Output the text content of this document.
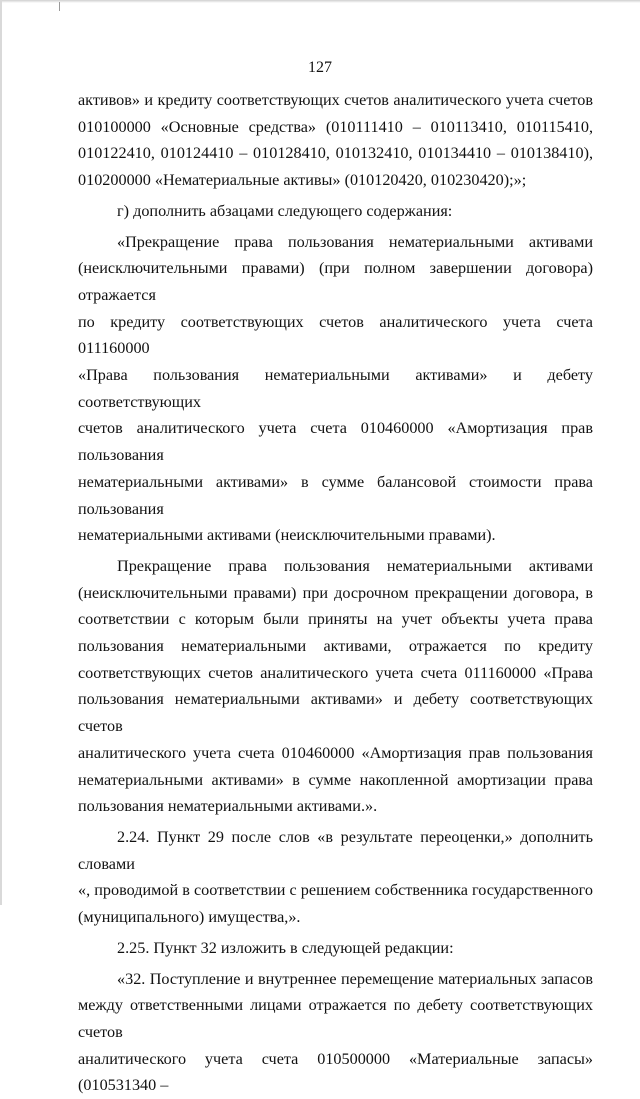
127

активов» и кредиту соответствующих счетов аналитического учета счетов

010100000 «Основные средства» (010111410 – 010113410, 010115410,

010122410, 010124410 – 010128410, 010132410, 010134410 – 010138410),

010200000 «Нематериальные активы» (010120420, 010230420);»;

г) дополнить абзацами следующего содержания:

«Прекращение права пользования нематериальными активами

(неисключительными правами) (при полном завершении договора) отражается

по кредиту соответствующих счетов аналитического учета счета 011160000

«Права пользования нематериальными активами» и дебету соответствующих

счетов аналитического учета счета 010460000 «Амортизация прав пользования

нематериальными активами» в сумме балансовой стоимости права пользования

нематериальными активами (неисключительными правами).

Прекращение права пользования нематериальными активами

(неисключительными правами) при досрочном прекращении договора, в

соответствии с которым были приняты на учет объекты учета права

пользования нематериальными активами, отражается по кредиту

соответствующих счетов аналитического учета счета 011160000 «Права

пользования нематериальными активами» и дебету соответствующих счетов

аналитического учета счета 010460000 «Амортизация прав пользования

нематериальными активами» в сумме накопленной амортизации права

пользования нематериальными активами.».

2.24. Пункт 29 после слов «в результате переоценки,» дополнить словами

«, проводимой в соответствии с решением собственника государственного

(муниципального) имущества,».

2.25. Пункт 32 изложить в следующей редакции:

«32. Поступление и внутреннее перемещение материальных запасов

между ответственными лицами отражается по дебету соответствующих счетов

аналитического учета счета 010500000 «Материальные запасы» (010531340 –
